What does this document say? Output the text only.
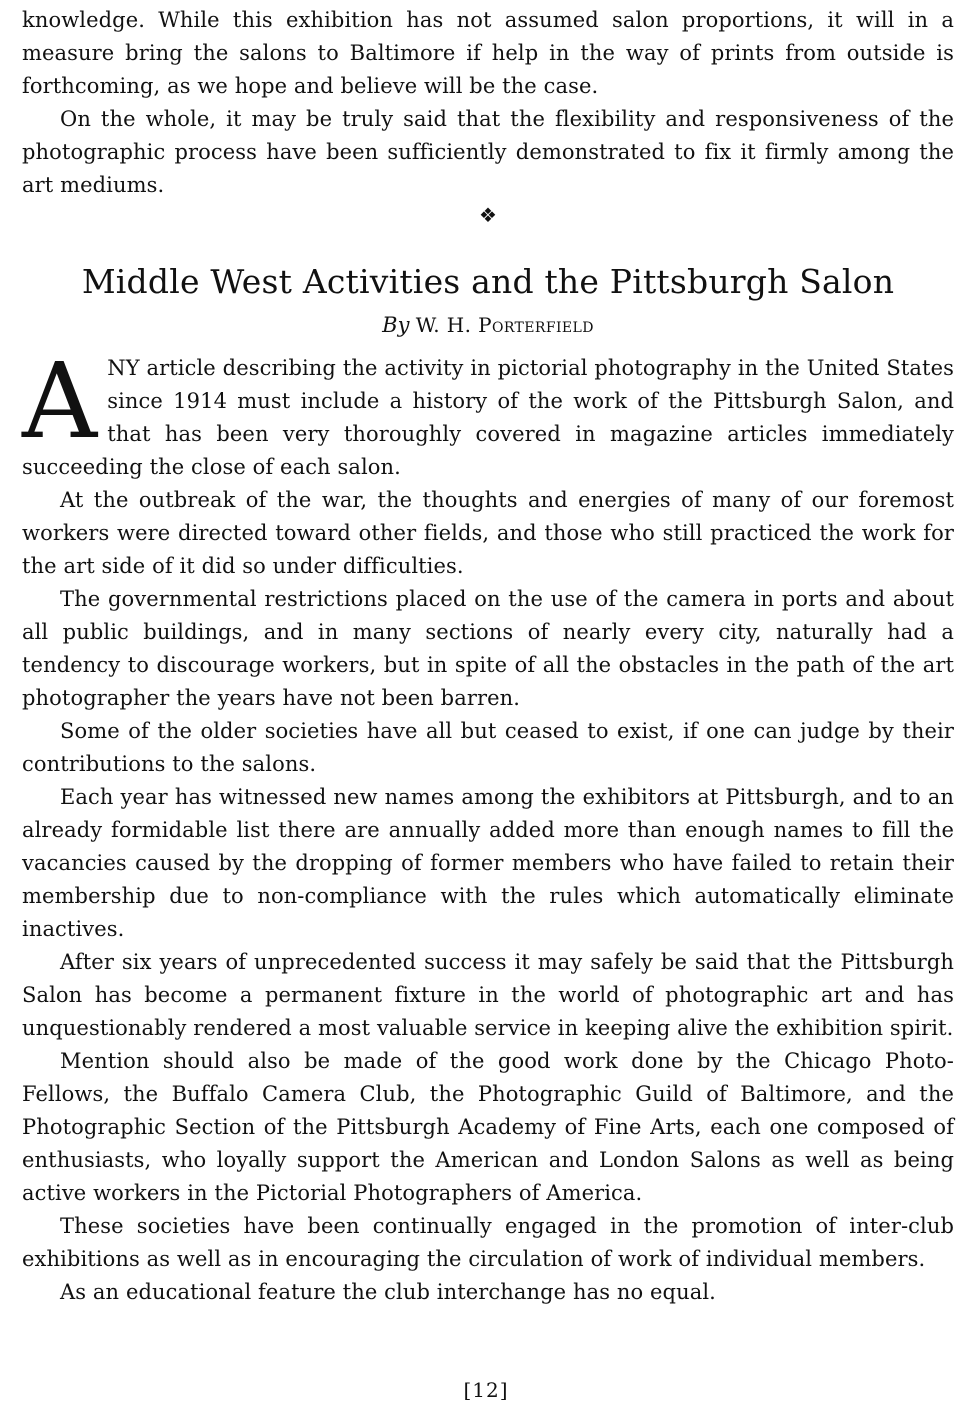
knowledge. While this exhibition has not assumed salon proportions, it will in a measure bring the salons to Baltimore if help in the way of prints from outside is forthcoming, as we hope and believe will be the case.

On the whole, it may be truly said that the flexibility and responsiveness of the photographic process have been sufficiently demonstrated to fix it firmly among the art mediums.

❖
Middle West Activities and the Pittsburgh Salon
By W. H. Porterfield

ANY article describing the activity in pictorial photography in the United States since 1914 must include a history of the work of the Pittsburgh Salon, and that has been very thoroughly covered in magazine articles immediately succeeding the close of each salon.

At the outbreak of the war, the thoughts and energies of many of our foremost workers were directed toward other fields, and those who still practiced the work for the art side of it did so under difficulties.

The governmental restrictions placed on the use of the camera in ports and about all public buildings, and in many sections of nearly every city, naturally had a tendency to discourage workers, but in spite of all the obstacles in the path of the art photographer the years have not been barren.

Some of the older societies have all but ceased to exist, if one can judge by their contributions to the salons.

Each year has witnessed new names among the exhibitors at Pittsburgh, and to an already formidable list there are annually added more than enough names to fill the vacancies caused by the dropping of former members who have failed to retain their membership due to non-compliance with the rules which automatically eliminate inactives.

After six years of unprecedented success it may safely be said that the Pittsburgh Salon has become a permanent fixture in the world of photographic art and has unquestionably rendered a most valuable service in keeping alive the exhibition spirit.

Mention should also be made of the good work done by the Chicago Photo-Fellows, the Buffalo Camera Club, the Photographic Guild of Baltimore, and the Photographic Section of the Pittsburgh Academy of Fine Arts, each one composed of enthusiasts, who loyally support the American and London Salons as well as being active workers in the Pictorial Photographers of America.

These societies have been continually engaged in the promotion of inter-club exhibitions as well as in encouraging the circulation of work of individual members.

As an educational feature the club interchange has no equal.

[12]
